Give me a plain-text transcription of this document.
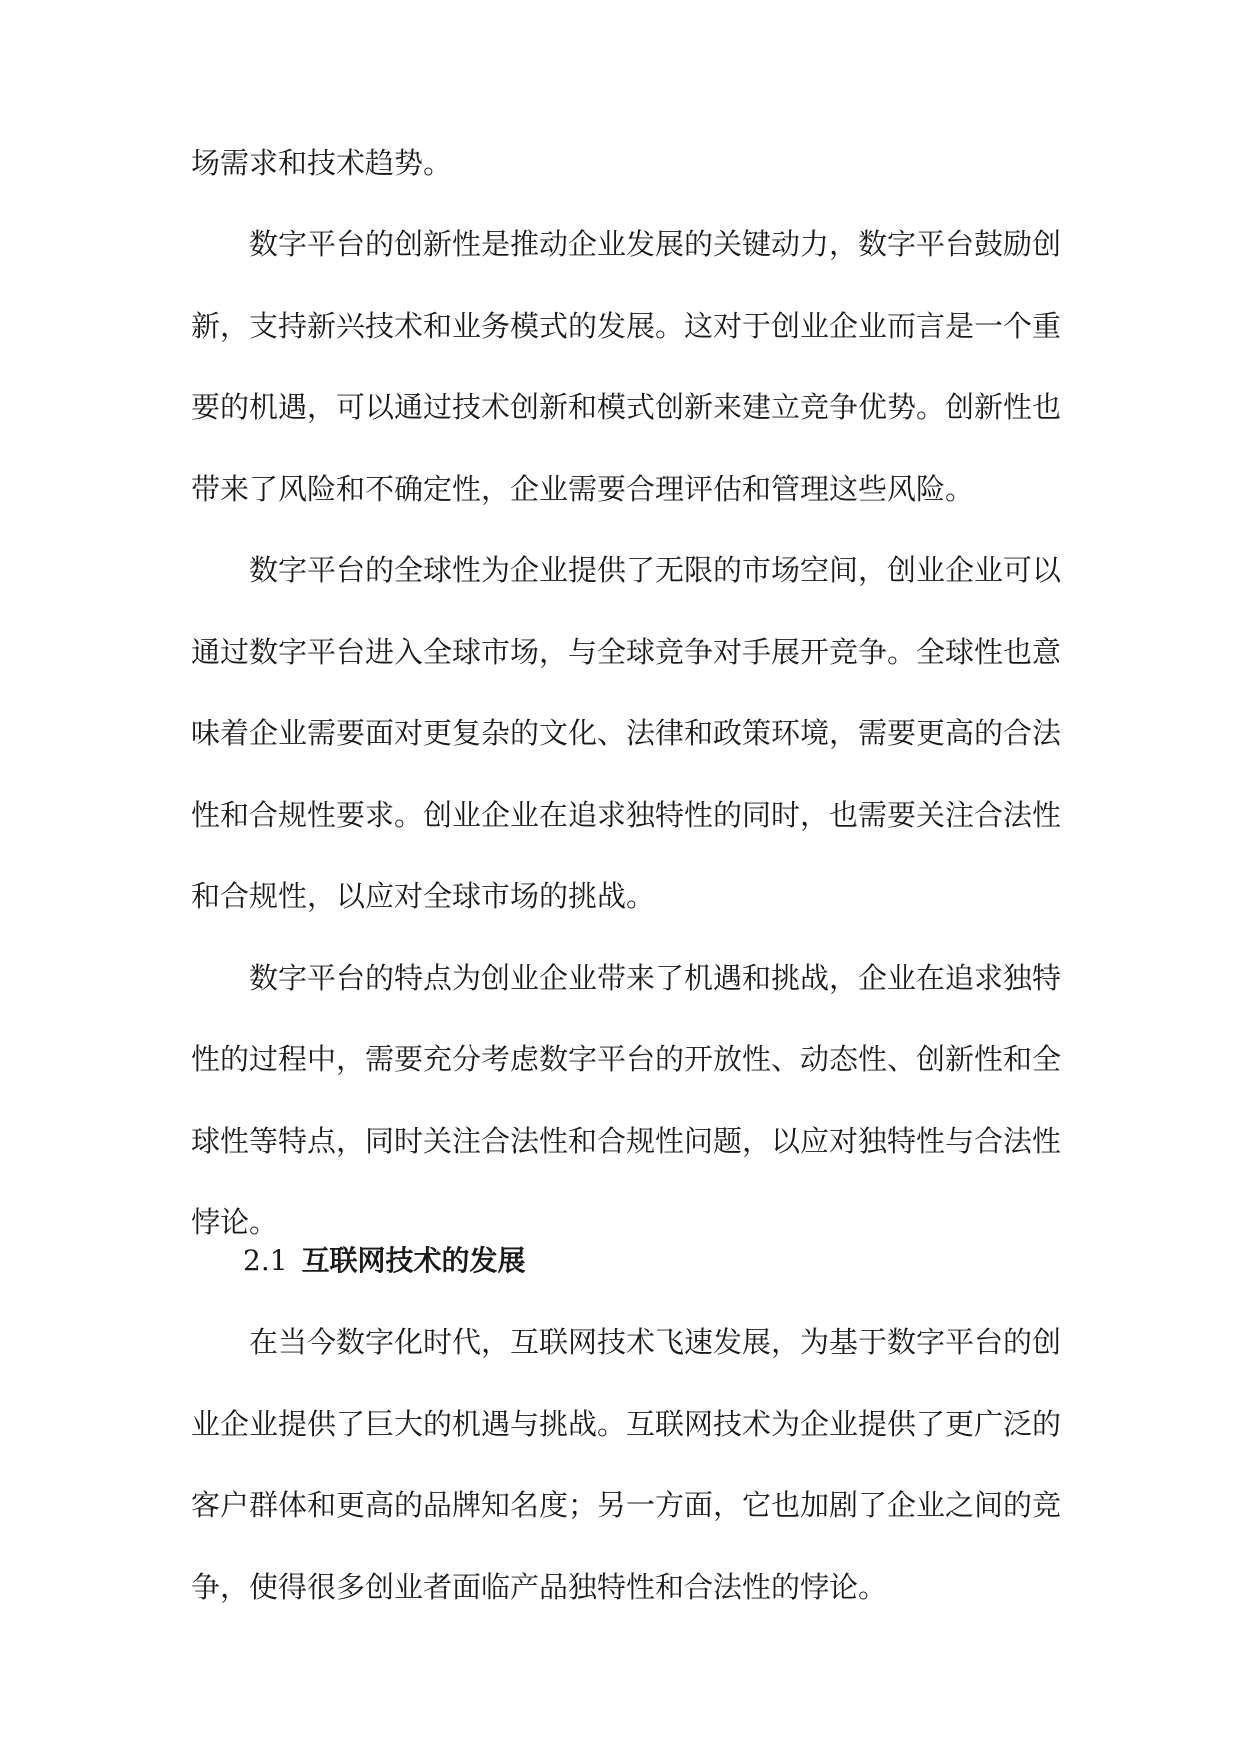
场需求和技术趋势。
数字平台的创新性是推动企业发展的关键动力，数字平台鼓励创
新，支持新兴技术和业务模式的发展。这对于创业企业而言是一个重
要的机遇，可以通过技术创新和模式创新来建立竞争优势。创新性也
带来了风险和不确定性，企业需要合理评估和管理这些风险。
数字平台的全球性为企业提供了无限的市场空间，创业企业可以
通过数字平台进入全球市场，与全球竞争对手展开竞争。全球性也意
味着企业需要面对更复杂的文化、法律和政策环境，需要更高的合法
性和合规性要求。创业企业在追求独特性的同时，也需要关注合法性
和合规性，以应对全球市场的挑战。
数字平台的特点为创业企业带来了机遇和挑战，企业在追求独特
性的过程中，需要充分考虑数字平台的开放性、动态性、创新性和全
球性等特点，同时关注合法性和合规性问题，以应对独特性与合法性
悖论。
2.1 互联网技术的发展
在当今数字化时代，互联网技术飞速发展，为基于数字平台的创
业企业提供了巨大的机遇与挑战。互联网技术为企业提供了更广泛的
客户群体和更高的品牌知名度；另一方面，它也加剧了企业之间的竞
争，使得很多创业者面临产品独特性和合法性的悖论。
